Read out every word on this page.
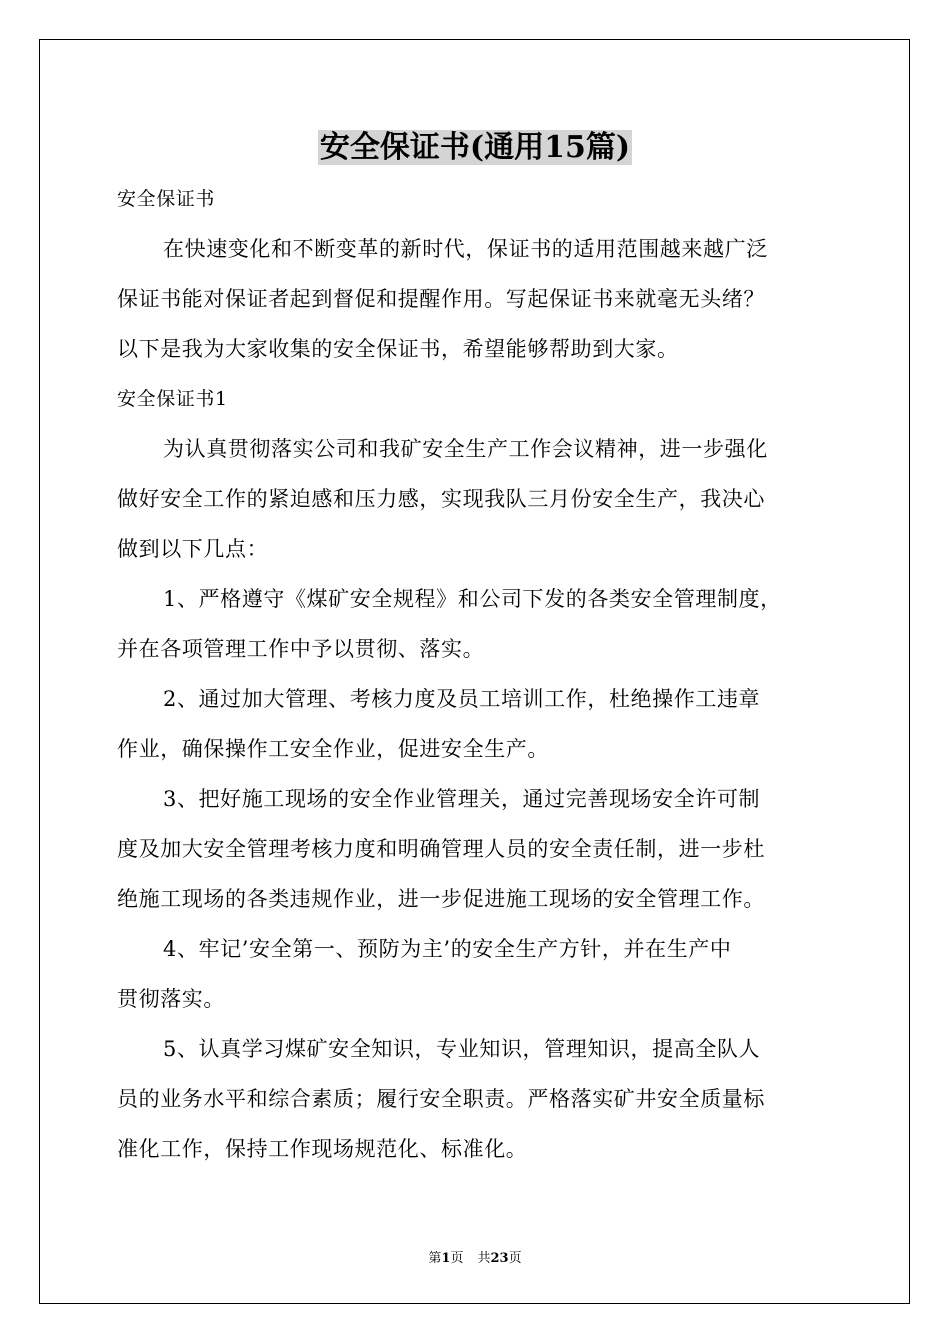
安全保证书(通用15篇)
安全保证书
在快速变化和不断变革的新时代，保证书的适用范围越来越广泛
保证书能对保证者起到督促和提醒作用。写起保证书来就毫无头绪？
以下是我为大家收集的安全保证书，希望能够帮助到大家。
安全保证书1
为认真贯彻落实公司和我矿安全生产工作会议精神，进一步强化
做好安全工作的紧迫感和压力感，实现我队三月份安全生产，我决心
做到以下几点：
1、严格遵守《煤矿安全规程》和公司下发的各类安全管理制度，
并在各项管理工作中予以贯彻、落实。
2、通过加大管理、考核力度及员工培训工作，杜绝操作工违章
作业，确保操作工安全作业，促进安全生产。
3、把好施工现场的安全作业管理关，通过完善现场安全许可制
度及加大安全管理考核力度和明确管理人员的安全责任制，进一步杜
绝施工现场的各类违规作业，进一步促进施工现场的安全管理工作。
4、牢记’安全第一、预防为主’的安全生产方针，并在生产中
贯彻落实。
5、认真学习煤矿安全知识，专业知识，管理知识，提高全队人
员的业务水平和综合素质；履行安全职责。严格落实矿井安全质量标
准化工作，保持工作现场规范化、标准化。
第1页 共23页
